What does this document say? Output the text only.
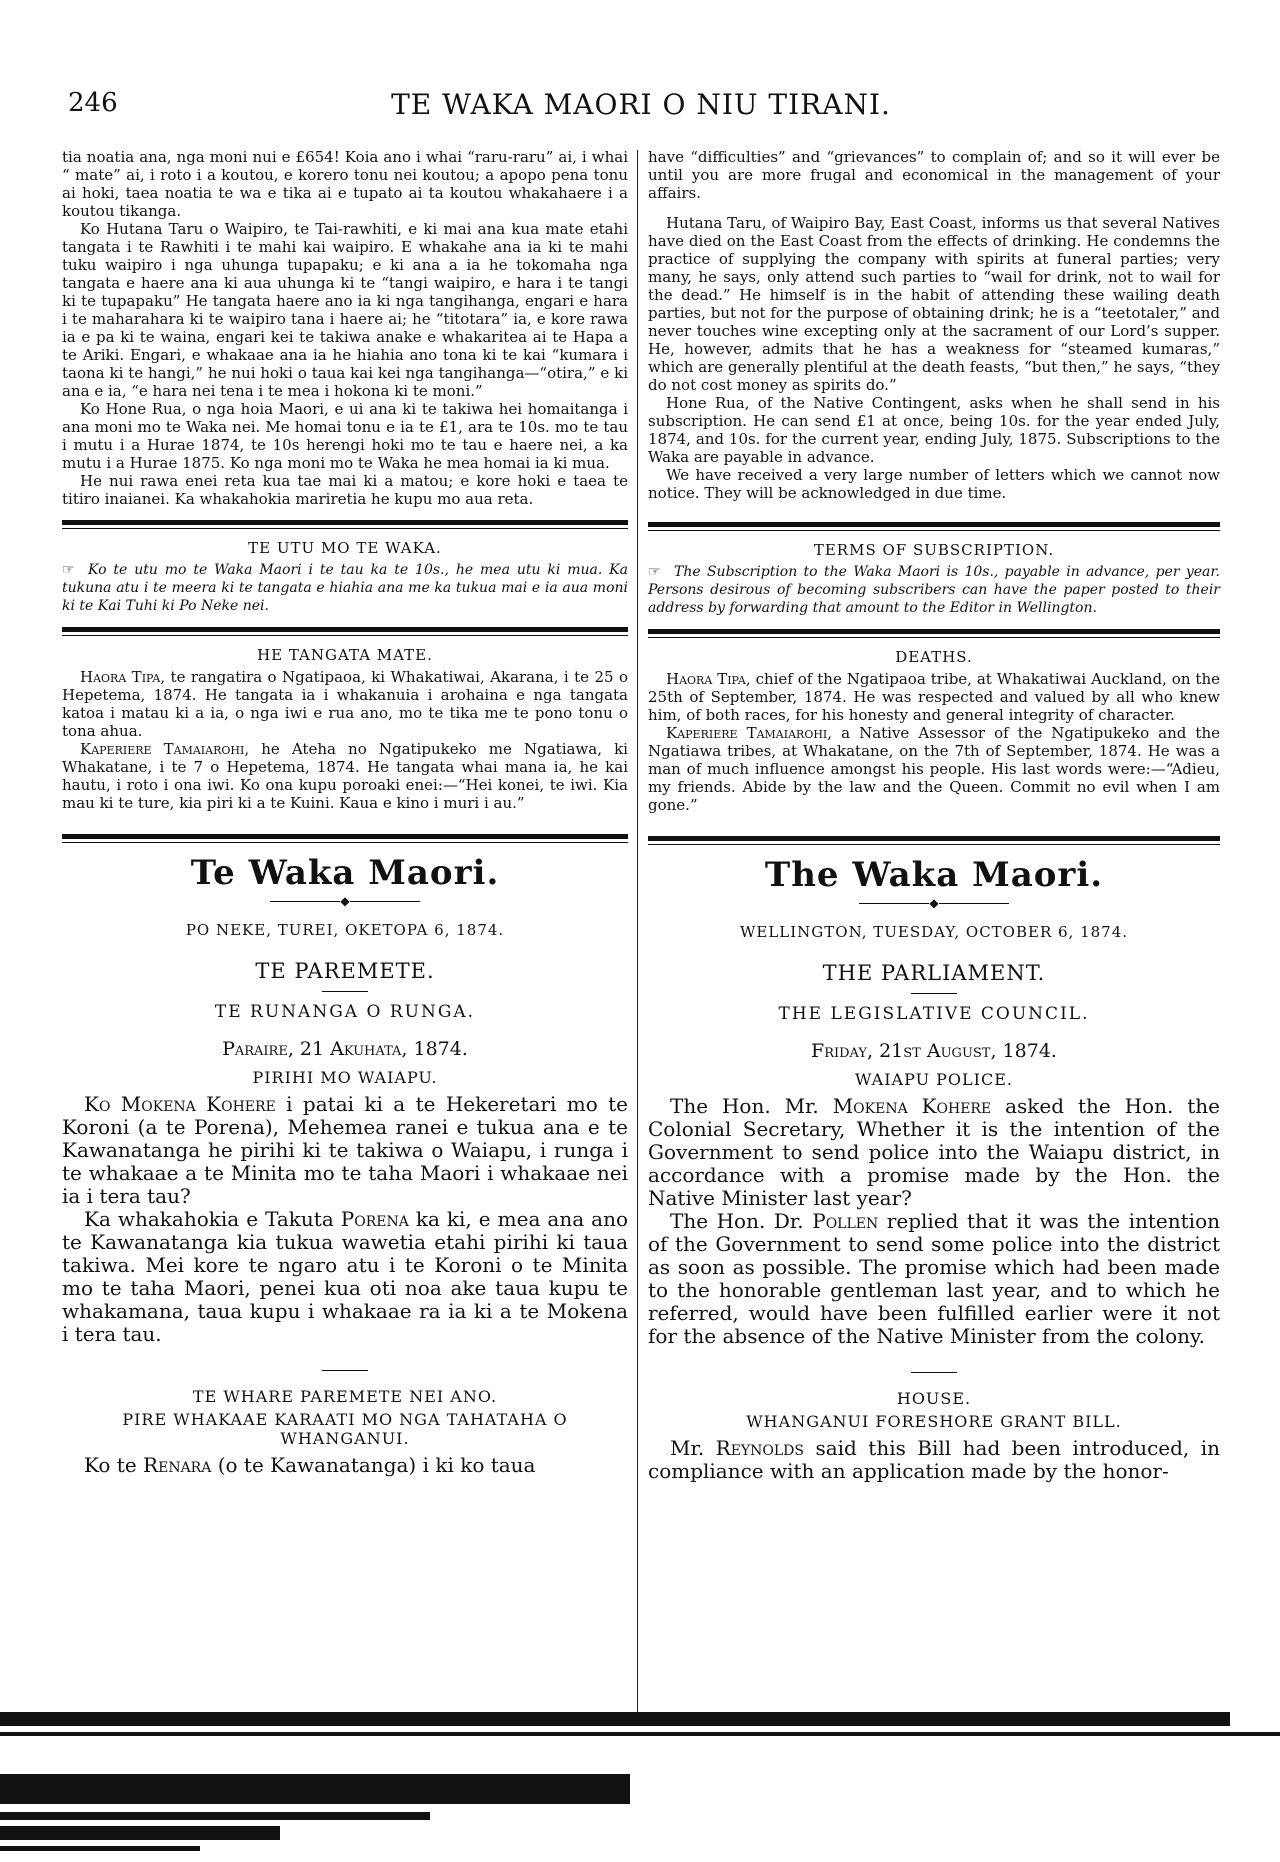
246	TE WAKA MAORI O NIU TIRANI.

tia noatia ana, nga moni nui e £654! Koia ano i whai “raru-raru” ai, i whai “ mate” ai, i roto i a koutou, e korero tonu nei koutou; a apopo pena tonu ai hoki, taea noatia te wa e tika ai e tupato ai ta koutou whakahaere i a koutou tikanga.

Ko Hutana Taru o Waipiro, te Tai-rawhiti, e ki mai ana kua mate etahi tangata i te Rawhiti i te mahi kai waipiro. E whakahe ana ia ki te mahi tuku waipiro i nga uhunga tupapaku; e ki ana a ia he tokomaha nga tangata e haere ana ki aua uhunga ki te “tangi waipiro, e hara i te tangi ki te tupapaku” He tangata haere ano ia ki nga tangihanga, engari e hara i te maharahara ki te waipiro tana i haere ai; he “titotara” ia, e kore rawa ia e pa ki te waina, engari kei te takiwa anake e whakaritea ai te Hapa a te Ariki. Engari, e whakaae ana ia he hiahia ano tona ki te kai “kumara i taona ki te hangi,” he nui hoki o taua kai kei nga tangihanga—“otira,” e ki ana e ia, “e hara nei tena i te mea i hokona ki te moni.”

Ko Hone Rua, o nga hoia Maori, e ui ana ki te takiwa hei homaitanga i ana moni mo te Waka nei. Me homai tonu e ia te £1, ara te 10s. mo te tau i mutu i a Hurae 1874, te 10s herengi hoki mo te tau e haere nei, a ka mutu i a Hurae 1875. Ko nga moni mo te Waka he mea homai ia ki mua.

He nui rawa enei reta kua tae mai ki a matou; e kore hoki e taea te titiro inaianei. Ka whakahokia mariretia he kupu mo aua reta.

TE UTU MO TE WAKA.
☞ Ko te utu mo te Waka Maori i te tau ka te 10s., he mea utu ki mua. Ka tukuna atu i te meera ki te tangata e hiahia ana me ka tukua mai e ia aua moni ki te Kai Tuhi ki Po Neke nei.
HE TANGATA MATE.

Haora Tipa, te rangatira o Ngatipaoa, ki Whakatiwai, Akarana, i te 25 o Hepetema, 1874. He tangata ia i whakanuia i arohaina e nga tangata katoa i matau ki a ia, o nga iwi e rua ano, mo te tika me te pono tonu o tona ahua.

Kaperiere Tamaiarohi, he Ateha no Ngatipukeko me Ngatiawa, ki Whakatane, i te 7 o Hepetema, 1874. He tangata whai mana ia, he kai hautu, i roto i ona iwi. Ko ona kupu poroaki enei:—“Hei konei, te iwi. Kia mau ki te ture, kia piri ki a te Kuini. Kaua e kino i muri i au.”

Te Waka Maori.
◆
PO NEKE, TUREI, OKETOPA 6, 1874.
TE PAREMETE.
TE RUNANGA O RUNGA.
Paraire, 21 Akuhata, 1874.
PIRIHI MO WAIAPU.

Ko Mokena Kohere i patai ki a te Hekeretari mo te Koroni (a te Porena), Mehemea ranei e tukua ana e te Kawanatanga he pirihi ki te takiwa o Waiapu, i runga i te whakaae a te Minita mo te taha Maori i whakaae nei ia i tera tau?

Ka whakahokia e Takuta Porena ka ki, e mea ana ano te Kawanatanga kia tukua wawetia etahi pirihi ki taua takiwa. Mei kore te ngaro atu i te Koroni o te Minita mo te taha Maori, penei kua oti noa ake taua kupu te whakamana, taua kupu i whakaae ra ia ki a te Mokena i tera tau.

TE WHARE PAREMETE NEI ANO.
PIRE WHAKAAE KARAATI MO NGA TAHATAHA O WHANGANUI.

Ko te Renara (o te Kawanatanga) i ki ko taua

have “difficulties” and “grievances” to complain of; and so it will ever be until you are more frugal and economical in the management of your affairs.

Hutana Taru, of Waipiro Bay, East Coast, informs us that several Natives have died on the East Coast from the effects of drinking. He condemns the practice of supplying the company with spirits at funeral parties; very many, he says, only attend such parties to “wail for drink, not to wail for the dead.” He himself is in the habit of attending these wailing death parties, but not for the purpose of obtaining drink; he is a “teetotaler,” and never touches wine excepting only at the sacrament of our Lord’s supper. He, however, admits that he has a weakness for “steamed kumaras,” which are generally plentiful at the death feasts, “but then,” he says, “they do not cost money as spirits do.”

Hone Rua, of the Native Contingent, asks when he shall send in his subscription. He can send £1 at once, being 10s. for the year ended July, 1874, and 10s. for the current year, ending July, 1875. Subscriptions to the Waka are payable in advance.

We have received a very large number of letters which we cannot now notice. They will be acknowledged in due time.

TERMS OF SUBSCRIPTION.
☞ The Subscription to the Waka Maori is 10s., payable in advance, per year. Persons desirous of becoming subscribers can have the paper posted to their address by forwarding that amount to the Editor in Wellington.
DEATHS.

Haora Tipa, chief of the Ngatipaoa tribe, at Whakatiwai Auckland, on the 25th of September, 1874. He was respected and valued by all who knew him, of both races, for his honesty and general integrity of character.

Kaperiere Tamaiarohi, a Native Assessor of the Ngatipukeko and the Ngatiawa tribes, at Whakatane, on the 7th of September, 1874. He was a man of much influence amongst his people. His last words were:—“Adieu, my friends. Abide by the law and the Queen. Commit no evil when I am gone.”

The Waka Maori.
◆
WELLINGTON, TUESDAY, OCTOBER 6, 1874.
THE PARLIAMENT.
THE LEGISLATIVE COUNCIL.
Friday, 21st August, 1874.
WAIAPU POLICE.

The Hon. Mr. Mokena Kohere asked the Hon. the Colonial Secretary, Whether it is the intention of the Government to send police into the Waiapu district, in accordance with a promise made by the Hon. the Native Minister last year?

The Hon. Dr. Pollen replied that it was the intention of the Government to send some police into the district as soon as possible. The promise which had been made to the honorable gentleman last year, and to which he referred, would have been fulfilled earlier were it not for the absence of the Native Minister from the colony.

HOUSE.
WHANGANUI FORESHORE GRANT BILL.

Mr. Reynolds said this Bill had been introduced, in compliance with an application made by the honor-
